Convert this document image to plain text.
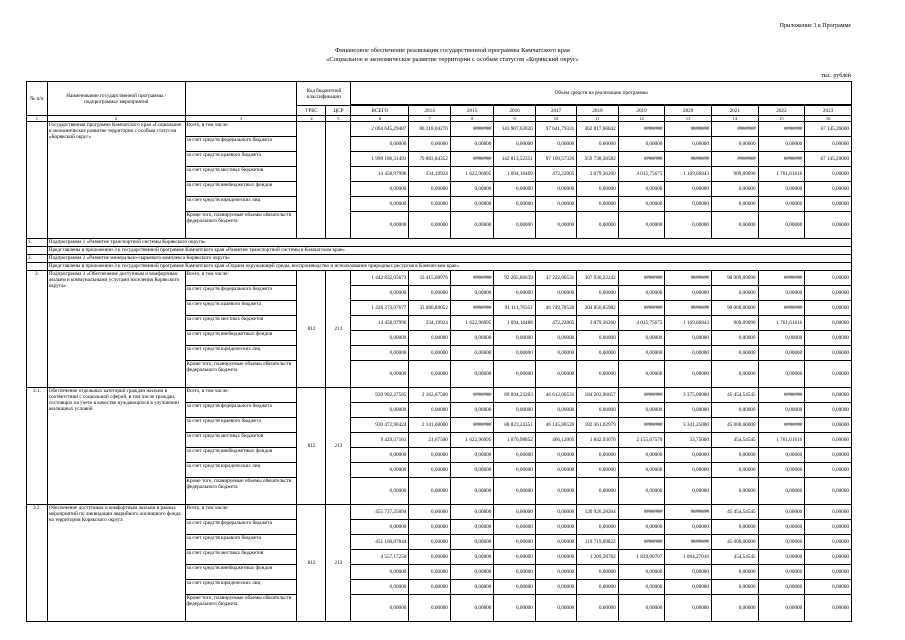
Приложение 3 к Программе
Финансовое обеспечение реализации государственной программы Камчатского края
«Социальное и экономическое развитие территории с особым статусом «Корякский округ»
тыс. рублей
№ п/п	Наименование государственной программы / подпрограммы/ мероприятия		Код бюджетной классификации		Объем средств на реализацию программы										

			ГРБС	ЦСР	ВСЕГО	2014	2015	2016	2017	2018	2019	2020	2021	2022	2023
1	2	3	4	5	6	7	8	9	10	11	12	13	14	15	16
	Государственная программа Камчатского края «Социальное и экономическое развитие территории с особым статусом «Корякский округ»	Всего, в том числе:			2 004 645,29487	80 218,04276	########	143 907,62820	97 641,79331	362 817,66842	########	########	########	########	67 145,20000
		за счет средств федерального бюджета			0,00000	0,00000	0,00000	0,00000	0,00000	0,00000	0,00000	0,00000	0,00000	0,00000	0,00000
		за счет средств краевого бюджета			1 990 186,31491	79 883,84352	########	142 813,52351	97 169,57326	359 738,30582	########	########	########	########	67 145,20000
		за счет средств местных бюджетов			14 458,97996	334,19924	1 622,96095	1 094,10469	472,22005	3 079,36260	4 015,75675	1 169,66843	909,09090	1 761,61616	0,00000
		за счет средств внебюджетных фондов			0,00000	0,00000	0,00000	0,00000	0,00000	0,00000	0,00000	0,00000	0,00000	0,00000	0,00000
		за счет средств юридических лиц			0,00000	0,00000	0,00000	0,00000	0,00000	0,00000	0,00000	0,00000	0,00000	0,00000	0,00000
		Кроме того, планируемые объемы обязательств федерального бюджета			0,00000	0,00000	0,00000	0,00000	0,00000	0,00000	0,00000	0,00000	0,00000	0,00000	0,00000
1.	Подпрограмма 1 «Развитие транспортной системы Корякского округа»														
	Представлены в приложении 3 к государственной программе Камчатского края «Развитие транспортной системы в Камчатском крае»														
2.	Подпрограмма 2 «Развитие минерально-сырьевого комплекса Корякского округа»														
	Представлены в приложении 3 к государственной программе Камчатского края «Охрана окружающей среды, воспроизводство и использование природных ресурсов в Камчатском крае»														
3.	Подпрограмма 3 «Обеспечение доступным и комфортным жильем и коммунальными услугами населения Корякского округа»	Всего, в том числе:	812	213	1 442 832,05673	33 415,08976	########	92 205,86639	47 222,00531	307 936,22242	########	########	90 909,09090	########	0,00000
		за счет средств федерального бюджета			0,00000	0,00000	0,00000	0,00000	0,00000	0,00000	0,00000	0,00000	0,00000	0,00000	0,00000
		за счет средств краевого бюджета			1 428 373,07677	33 080,89052	########	91 111,76351	46 749,78526	304 856,85982	########	########	90 000,00000	########	0,00000
		за счет средств местных бюджетов			14 458,97996	334,19924	1 622,96095	1 094,10488	472,22005	3 079,36260	4 015,75675	1 169,66843	909,09090	1 761,61616	0,00000
		за счет средств внебюджетных фондов			0,00000	0,00000	0,00000	0,00000	0,00000	0,00000	0,00000	0,00000	0,00000	0,00000	0,00000
		за счет средств юридических лиц			0,00000	0,00000	0,00000	0,00000	0,00000	0,00000	0,00000	0,00000	0,00000	0,00000	0,00000
		Кроме того, планируемые объемы обязательств федерального бюджета			0,00000	0,00000	0,00000	0,00000	0,00000	0,00000	0,00000	0,00000	0,00000	0,00000	0,00000
3.1.	Обеспечение отдельных категорий граждан жильем в соответствии с социальной сферой, в том числе граждан, состоящих на учете в качестве нуждающихся в улучшении жилищных условий	Всего, в том числе:	812	213	939 902,27585	2 162,67500	########	89 894,23203	46 612,00531	184 203,96057	########	3 375,00000	45 454,54545	########	0,00000
		за счет средств федерального бюджета			0,00000	0,00000	0,00000	0,00000	0,00000	0,00000	0,00000	0,00000	0,00000	0,00000	0,00000
		за счет средств краевого бюджета			930 472,90424	2 141,00000	########	88 823,24351	46 145,88526	182 361,02979	########	3 341,25000	45 000,00000	########	0,00000
		за счет средств местных бюджетов			9 429,37161	21,67500	1 622,96095	1 070,98852	466,12005	1 842,93078	2 155,67570	33,75000	454,54545	1 761,61616	0,00000
		за счет средств внебюджетных фондов			0,00000	0,00000	0,00000	0,00000	0,00000	0,00000	0,00000	0,00000	0,00000	0,00000	0,00000
		за счет средств юридических лиц			0,00000	0,00000	0,00000	0,00000	0,00000	0,00000	0,00000	0,00000	0,00000	0,00000	0,00000
		Кроме того, планируемые объемы обязательств федерального бюджета			0,00000	0,00000	0,00000	0,00000	0,00000	0,00000	0,00000	0,00000	0,00000	0,00000	0,00000
3.2.	Обеспечение доступным и комфортным жильем в рамках мероприятий по ликвидации аварийного жилищного фонда на территории Корякского округа	Всего, в том числе:	812	213	455 717,25094	0,00000	0,00000	0,00000	0,00000	120 926,28204	########	########	45 454,54545	0,00000	0,00000
		за счет средств федерального бюджета			0,00000	0,00000	0,00000	0,00000	0,00000	0,00000	0,00000	0,00000	0,00000	0,00000	0,00000
		за счет средств краевого бюджета			451 160,07844	0,00000	0,00000	0,00000	0,00000	119 719,09822	########	########	45 000,00000	0,00000	0,00000
		за счет средств местных бюджетов			4 557,17250	0,00000	0,00000	0,00000	0,00000	1 209,28782	1 829,00707	1 064,27016	454,54545	0,00000	0,00000
		за счет средств внебюджетных фондов			0,00000	0,00000	0,00000	0,00000	0,00000	0,00000	0,00000	0,00000	0,00000	0,00000	0,00000
		за счет средств юридических лиц			0,00000	0,00000	0,00000	0,00000	0,00000	0,00000	0,00000	0,00000	0,00000	0,00000	0,00000
		Кроме того, планируемые объемы обязательств федерального бюджета			0,00000	0,00000	0,00000	0,00000	0,00000	0,00000	0,00000	0,00000	0,00000	0,00000	0,00000
